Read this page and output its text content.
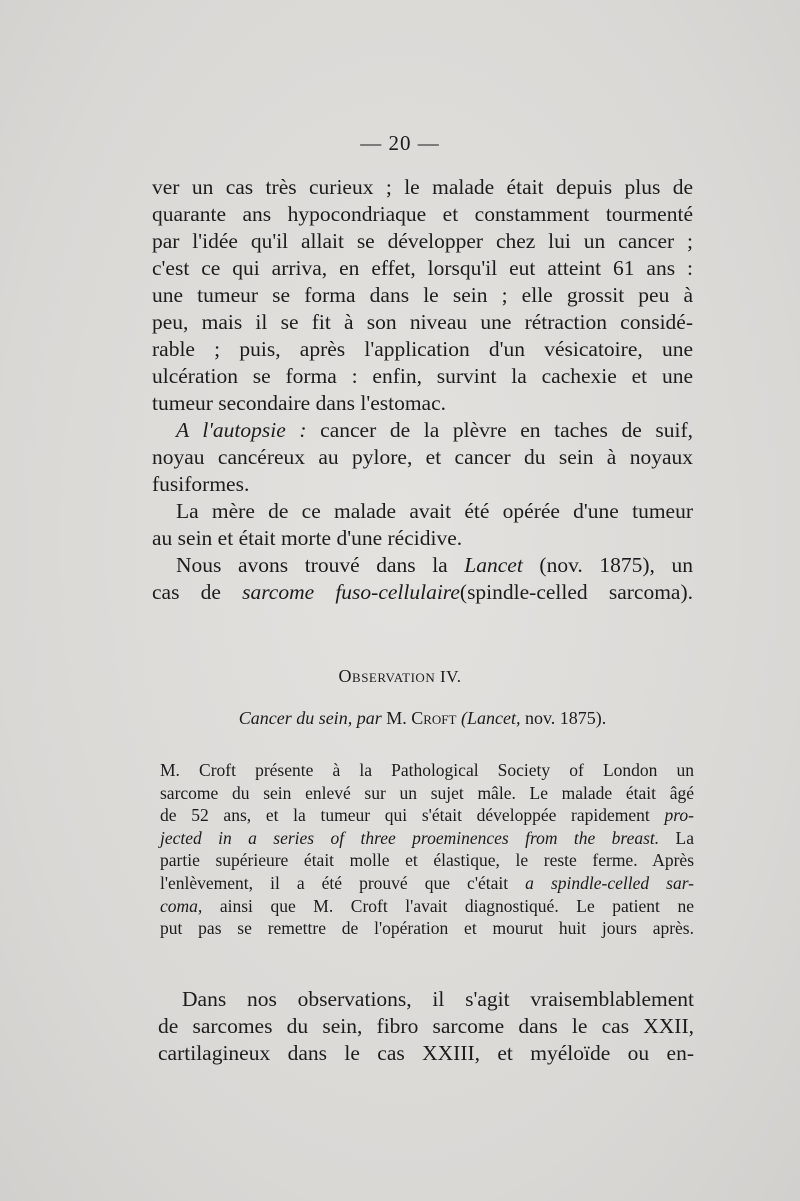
— 20 —
ver un cas très curieux ; le malade était depuis plus de
quarante ans hypocondriaque et constamment tourmenté
par l'idée qu'il allait se développer chez lui un cancer ;
c'est ce qui arriva, en effet, lorsqu'il eut atteint 61 ans :
une tumeur se forma dans le sein ; elle grossit peu à
peu, mais il se fit à son niveau une rétraction considé-
rable ; puis, après l'application d'un vésicatoire, une
ulcération se forma : enfin, survint la cachexie et une
tumeur secondaire dans l'estomac.
A l'autopsie : cancer de la plèvre en taches de suif,
noyau cancéreux au pylore, et cancer du sein à noyaux
fusiformes.
La mère de ce malade avait été opérée d'une tumeur
au sein et était morte d'une récidive.
Nous avons trouvé dans la Lancet (nov. 1875), un
cas de sarcome fuso-cellulaire(spindle-celled sarcoma).
Observation IV.
Cancer du sein, par M. Croft (Lancet, nov. 1875).
M. Croft présente à la Pathological Society of London un
sarcome du sein enlevé sur un sujet mâle. Le malade était âgé
de 52 ans, et la tumeur qui s'était développée rapidement pro-
jected in a series of three proeminences from the breast. La
partie supérieure était molle et élastique, le reste ferme. Après
l'enlèvement, il a été prouvé que c'était a spindle-celled sar-
coma, ainsi que M. Croft l'avait diagnostiqué. Le patient ne
put pas se remettre de l'opération et mourut huit jours après.
Dans nos observations, il s'agit vraisemblablement
de sarcomes du sein, fibro sarcome dans le cas XXII,
cartilagineux dans le cas XXIII, et myéloïde ou en-
